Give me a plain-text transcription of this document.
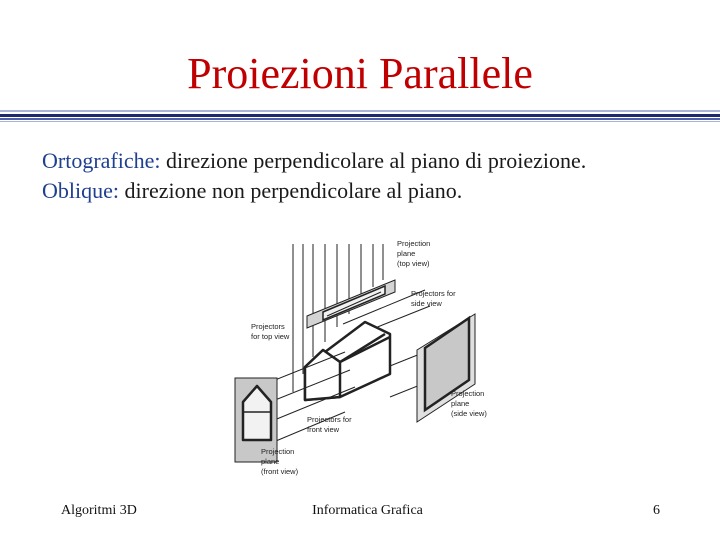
Proiezioni Parallele
Ortografiche: direzione perpendicolare al piano di proiezione.
Oblique: direzione non perpendicolare al piano.
Projection plane (top view)
Projectors for side view
Projectors for top view
Projection plane (side view)
Projectors for front view
Projection plane (front view)
Algoritmi 3D	Informatica Grafica	6
